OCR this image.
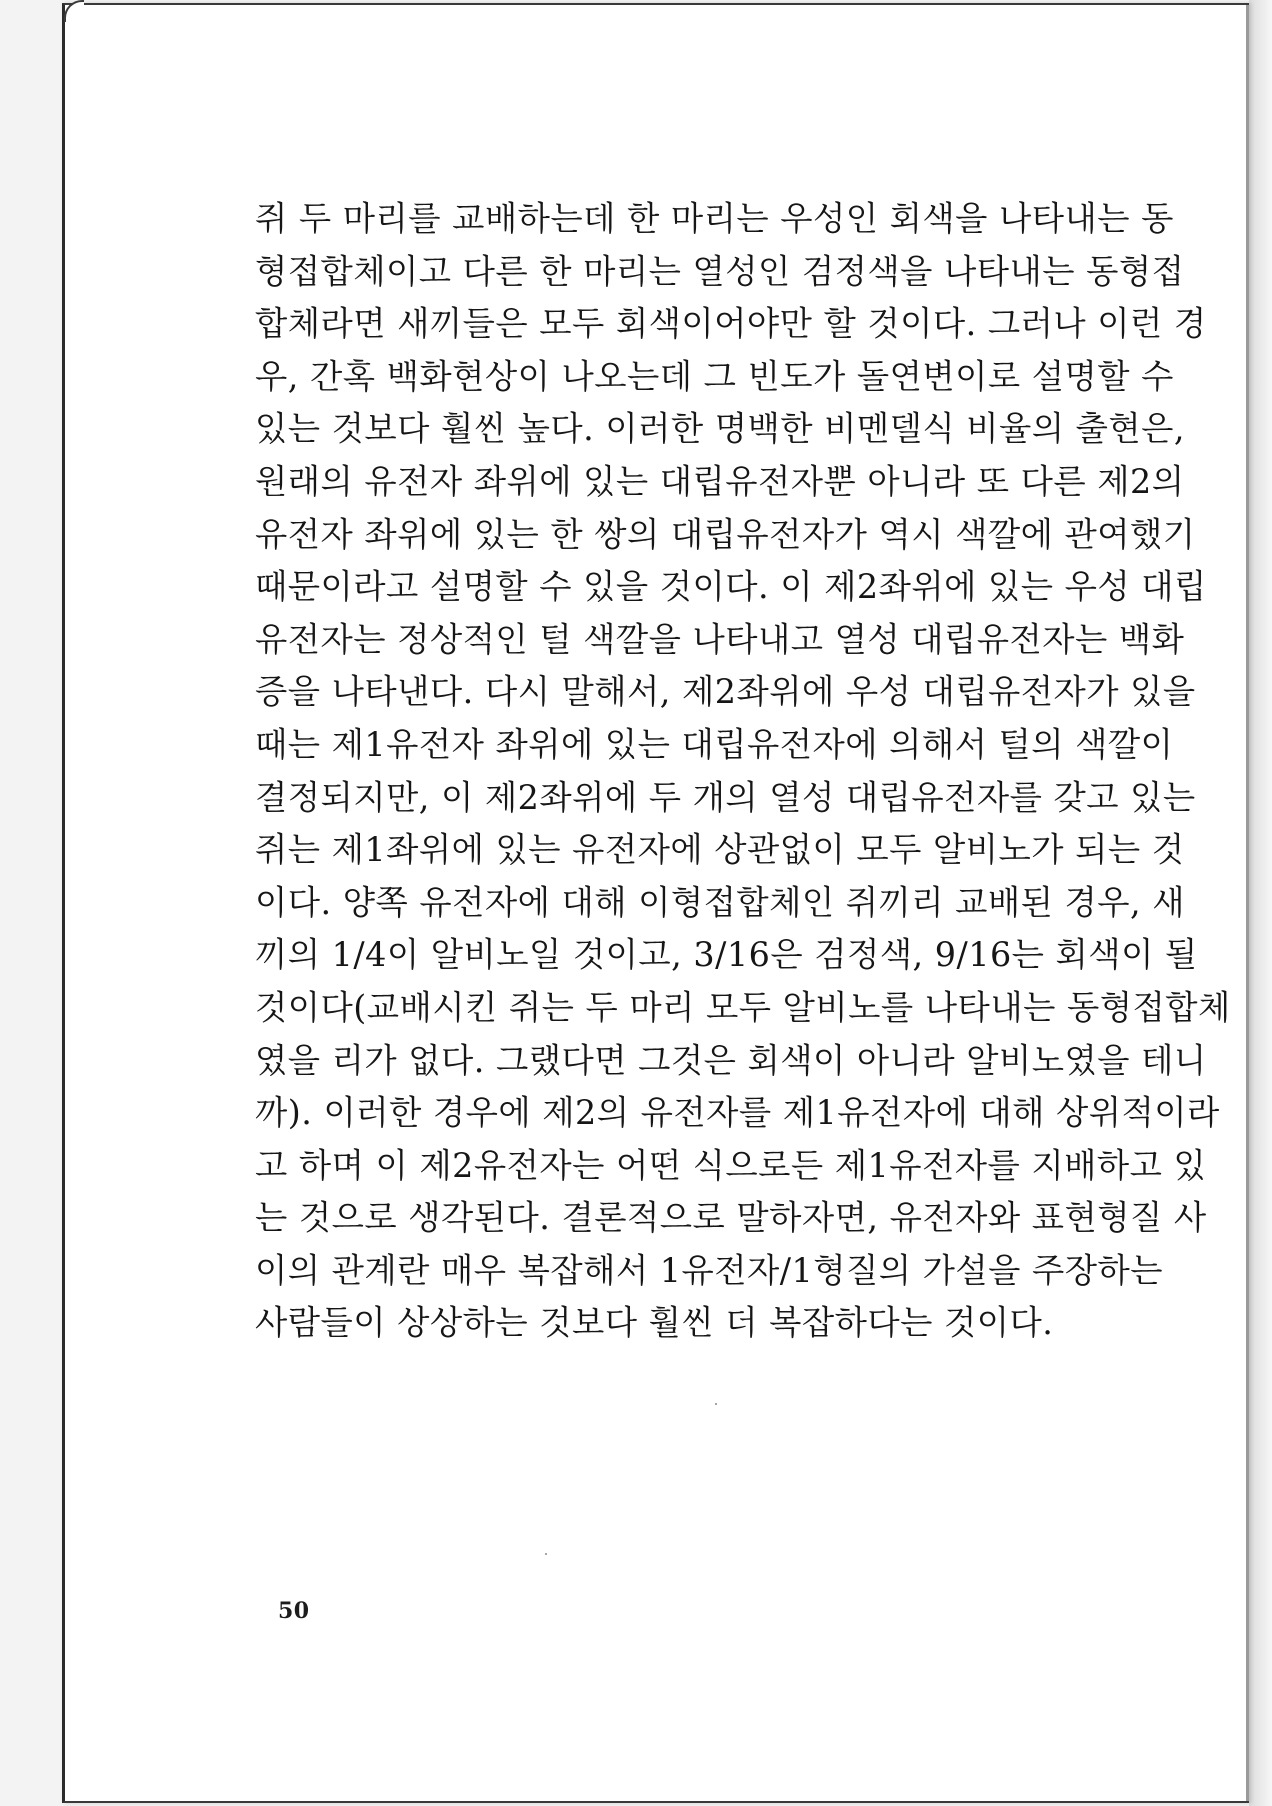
쥐 두 마리를 교배하는데 한 마리는 우성인 회색을 나타내는 동
형접합체이고 다른 한 마리는 열성인 검정색을 나타내는 동형접
합체라면 새끼들은 모두 회색이어야만 할 것이다. 그러나 이런 경
우, 간혹 백화현상이 나오는데 그 빈도가 돌연변이로 설명할 수
있는 것보다 훨씬 높다. 이러한 명백한 비멘델식 비율의 출현은,
원래의 유전자 좌위에 있는 대립유전자뿐 아니라 또 다른 제2의
유전자 좌위에 있는 한 쌍의 대립유전자가 역시 색깔에 관여했기
때문이라고 설명할 수 있을 것이다. 이 제2좌위에 있는 우성 대립
유전자는 정상적인 털 색깔을 나타내고 열성 대립유전자는 백화
증을 나타낸다. 다시 말해서, 제2좌위에 우성 대립유전자가 있을
때는 제1유전자 좌위에 있는 대립유전자에 의해서 털의 색깔이
결정되지만, 이 제2좌위에 두 개의 열성 대립유전자를 갖고 있는
쥐는 제1좌위에 있는 유전자에 상관없이 모두 알비노가 되는 것
이다. 양쪽 유전자에 대해 이형접합체인 쥐끼리 교배된 경우, 새
끼의 1/4이 알비노일 것이고, 3/16은 검정색, 9/16는 회색이 될
것이다(교배시킨 쥐는 두 마리 모두 알비노를 나타내는 동형접합체
였을 리가 없다. 그랬다면 그것은 회색이 아니라 알비노였을 테니
까). 이러한 경우에 제2의 유전자를 제1유전자에 대해 상위적이라
고 하며 이 제2유전자는 어떤 식으로든 제1유전자를 지배하고 있
는 것으로 생각된다. 결론적으로 말하자면, 유전자와 표현형질 사
이의 관계란 매우 복잡해서 1유전자/1형질의 가설을 주장하는
사람들이 상상하는 것보다 훨씬 더 복잡하다는 것이다.
50
